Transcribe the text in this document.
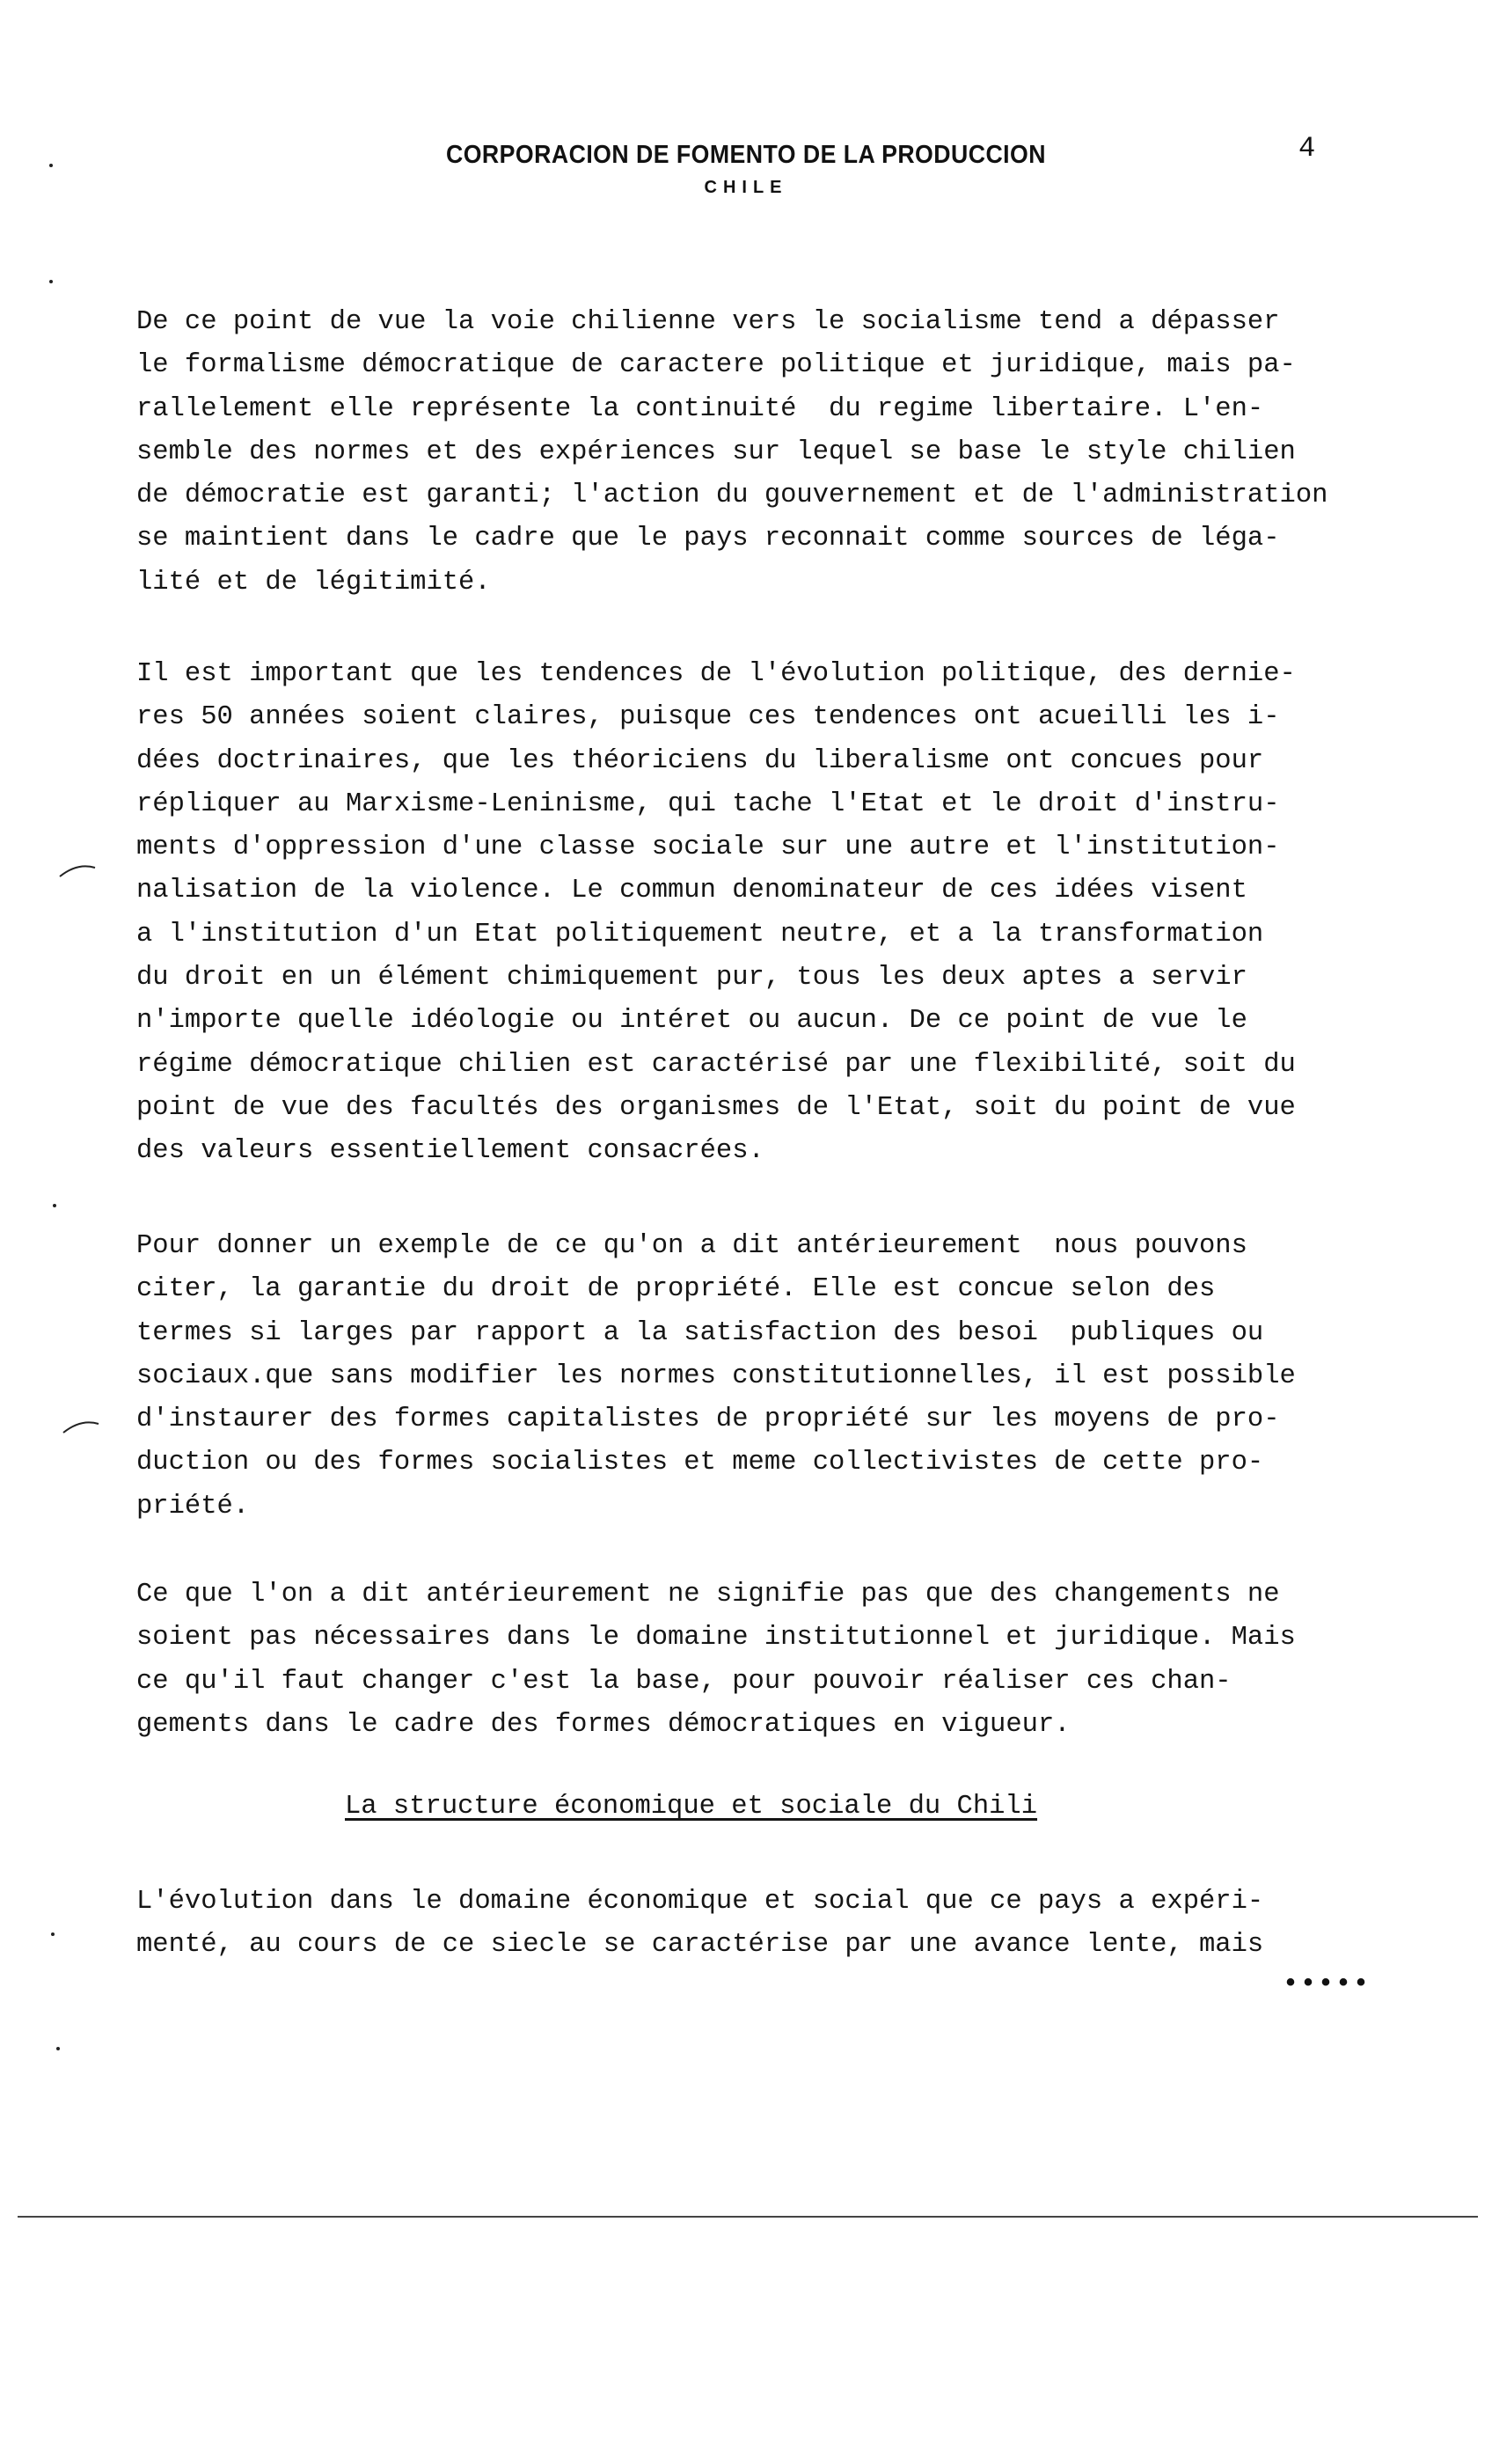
CORPORACION DE FOMENTO DE LA PRODUCCION
CHILE
4
De ce point de vue la voie chilienne vers le socialisme tend a dépasser
le formalisme démocratique de caractere politique et juridique, mais pa-
rallelement elle représente la continuité  du regime libertaire. L'en-
semble des normes et des expériences sur lequel se base le style chilien
de démocratie est garanti; l'action du gouvernement et de l'administration
se maintient dans le cadre que le pays reconnait comme sources de léga-
lité et de légitimité.
Il est important que les tendences de l'évolution politique, des dernie-
res 50 années soient claires, puisque ces tendences ont acueilli les i-
dées doctrinaires, que les théoriciens du liberalisme ont concues pour
répliquer au Marxisme-Leninisme, qui tache l'Etat et le droit d'instru-
ments d'oppression d'une classe sociale sur une autre et l'institution-
nalisation de la violence. Le commun denominateur de ces idées visent
a l'institution d'un Etat politiquement neutre, et a la transformation
du droit en un élément chimiquement pur, tous les deux aptes a servir
n'importe quelle idéologie ou intéret ou aucun. De ce point de vue le
régime démocratique chilien est caractérisé par une flexibilité, soit du
point de vue des facultés des organismes de l'Etat, soit du point de vue
des valeurs essentiellement consacrées.
Pour donner un exemple de ce qu'on a dit antérieurement  nous pouvons
citer, la garantie du droit de propriété. Elle est concue selon des
termes si larges par rapport a la satisfaction des besoi  publiques ou
sociaux.que sans modifier les normes constitutionnelles, il est possible
d'instaurer des formes capitalistes de propriété sur les moyens de pro-
duction ou des formes socialistes et meme collectivistes de cette pro-
priété.
Ce que l'on a dit antérieurement ne signifie pas que des changements ne
soient pas nécessaires dans le domaine institutionnel et juridique. Mais
ce qu'il faut changer c'est la base, pour pouvoir réaliser ces chan-
gements dans le cadre des formes démocratiques en vigueur.
La structure économique et sociale du Chili
L'évolution dans le domaine économique et social que ce pays a expéri-
menté, au cours de ce siecle se caractérise par une avance lente, mais
•••••
